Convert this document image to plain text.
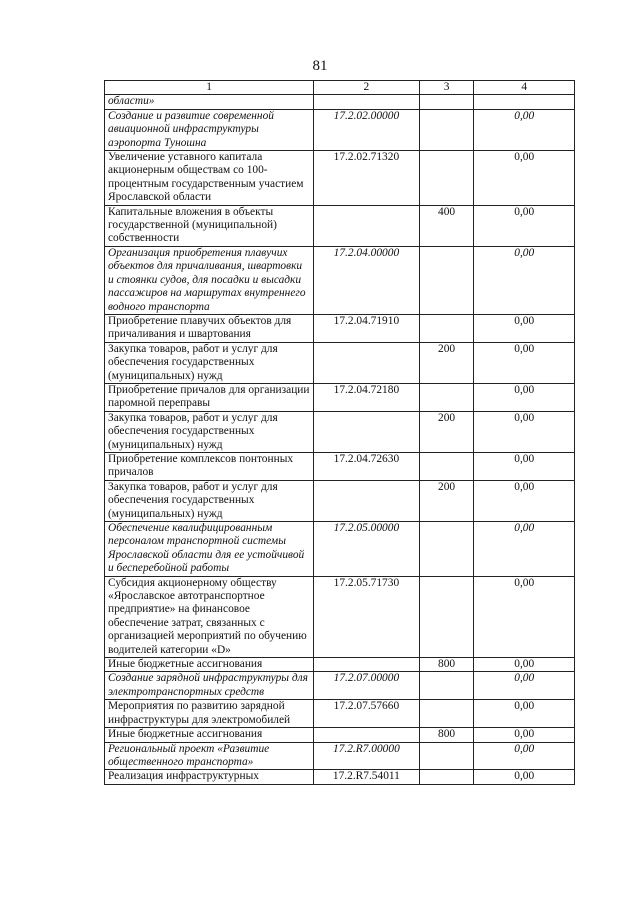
81
1	2	3	4
области»			
Создание и развитие современной авиационной инфраструктуры аэропорта Туношна	17.2.02.00000		0,00
Увеличение уставного капитала акционерным обществам со 100-процентным государственным участием Ярославской области	17.2.02.71320		0,00
Капитальные вложения в объекты государственной (муниципальной) собственности		400	0,00
Организация приобретения плавучих объектов для причаливания, швартовки и стоянки судов, для посадки и высадки пассажиров на маршрутах внутреннего водного транспорта	17.2.04.00000		0,00
Приобретение плавучих объектов для причаливания и швартования	17.2.04.71910		0,00
Закупка товаров, работ и услуг для обеспечения государственных (муниципальных) нужд		200	0,00
Приобретение причалов для организации паромной переправы	17.2.04.72180		0,00
Закупка товаров, работ и услуг для обеспечения государственных (муниципальных) нужд		200	0,00
Приобретение комплексов понтонных причалов	17.2.04.72630		0,00
Закупка товаров, работ и услуг для обеспечения государственных (муниципальных) нужд		200	0,00
Обеспечение квалифицированным персоналом транспортной системы Ярославской области для ее устойчивой и бесперебойной работы	17.2.05.00000		0,00
Субсидия акционерному обществу «Ярославское автотранспортное предприятие» на финансовое обеспечение затрат, связанных с организацией мероприятий по обучению водителей категории «D»	17.2.05.71730		0,00
Иные бюджетные ассигнования		800	0,00
Создание зарядной инфраструктуры для электротранспортных средств	17.2.07.00000		0,00
Мероприятия по развитию зарядной инфраструктуры для электромобилей	17.2.07.57660		0,00
Иные бюджетные ассигнования		800	0,00
Региональный проект «Развитие общественного транспорта»	17.2.R7.00000		0,00
Реализация инфраструктурных	17.2.R7.54011		0,00
